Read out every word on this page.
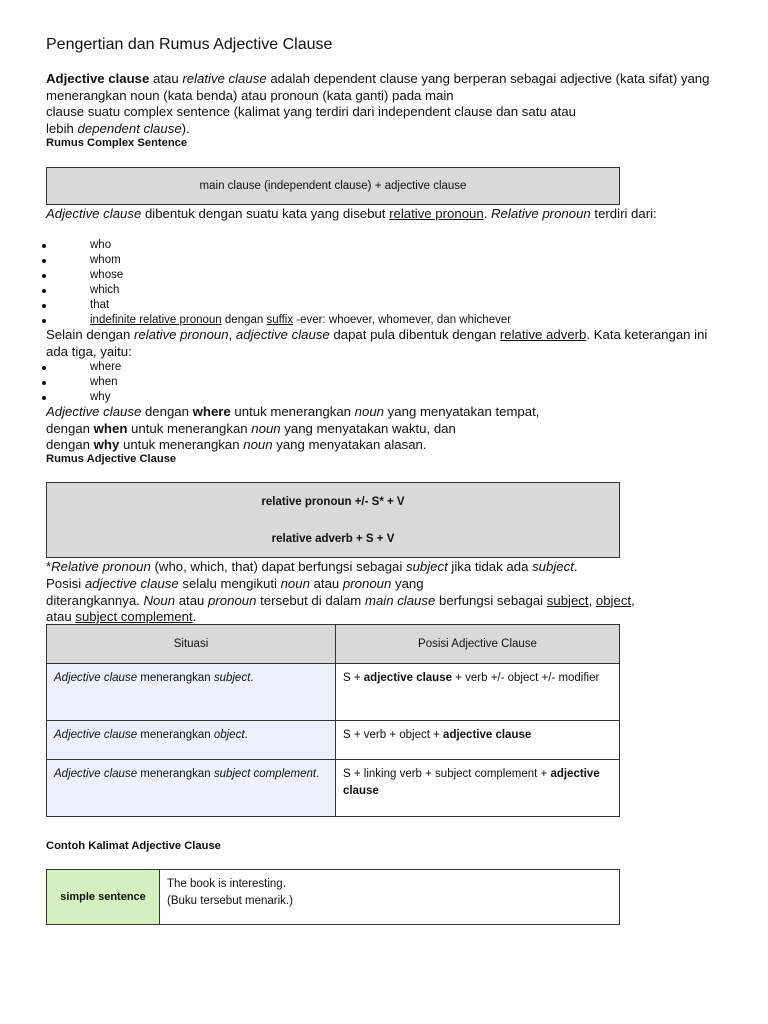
Pengertian dan Rumus Adjective Clause

Adjective clause atau relative clause adalah dependent clause yang berperan sebagai adjective (kata sifat) yang menerangkan noun (kata benda) atau pronoun (kata ganti) pada main
clause suatu complex sentence (kalimat yang terdiri dari independent clause dan satu atau
lebih dependent clause).

Rumus Complex Sentence

main clause (independent clause) + adjective clause

Adjective clause dibentuk dengan suatu kata yang disebut relative pronoun. Relative pronoun terdiri dari:

who
whom
whose
which
that
indefinite relative pronoun dengan suffix -ever: whoever, whomever, dan whichever

Selain dengan relative pronoun, adjective clause dapat pula dibentuk dengan relative adverb. Kata keterangan ini ada tiga, yaitu:

where
when
why

Adjective clause dengan where untuk menerangkan noun yang menyatakan tempat,
dengan when untuk menerangkan noun yang menyatakan waktu, dan
dengan why untuk menerangkan noun yang menyatakan alasan.

Rumus Adjective Clause

relative pronoun +/- S* + V
relative adverb + S + V

*Relative pronoun (who, which, that) dapat berfungsi sebagai subject jika tidak ada subject.

Posisi adjective clause selalu mengikuti noun atau pronoun yang
diterangkannya. Noun atau pronoun tersebut di dalam main clause berfungsi sebagai subject, object,
atau subject complement.

Situasi	Posisi Adjective Clause
Adjective clause menerangkan subject.	S + adjective clause + verb +/- object +/- modifier
Adjective clause menerangkan object.	S + verb + object + adjective clause
Adjective clause menerangkan subject complement.	S + linking verb + subject complement + adjective clause

Contoh Kalimat Adjective Clause

simple sentence	The book is interesting.
(Buku tersebut menarik.)
